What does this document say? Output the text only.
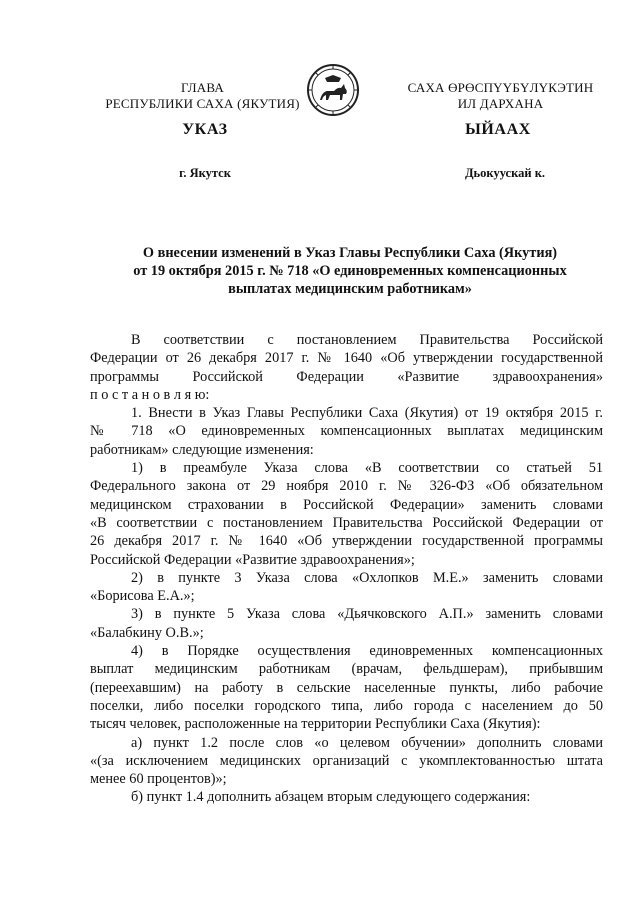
ГЛАВА
РЕСПУБЛИКИ САХА (ЯКУТИЯ)
САХА ӨРӨСПҮҮБҮЛҮКЭТИН
ИЛ ДАРХАНА
УКАЗ	ЫЙААХ
г. Якутск	Дьокуускай к.
О внесении изменений в Указ Главы Республики Саха (Якутия)
от 19 октября 2015 г. № 718 «О единовременных компенсационных
выплатах медицинским работникам»
В соответствии с постановлением Правительства Российской
Федерации от 26 декабря 2017 г. № 1640 «Об утверждении государственной
программы Российской Федерации «Развитие здравоохранения»
п о с т а н о в л я ю:
1. Внести в Указ Главы Республики Саха (Якутия) от 19 октября 2015 г.
№ 718 «О единовременных компенсационных выплатах медицинским
работникам» следующие изменения:
1) в преамбуле Указа слова «В соответствии со статьей 51
Федерального закона от 29 ноября 2010 г. № 326-ФЗ «Об обязательном
медицинском страховании в Российской Федерации» заменить словами
«В соответствии с постановлением Правительства Российской Федерации от
26 декабря 2017 г. № 1640 «Об утверждении государственной программы
Российской Федерации «Развитие здравоохранения»;
2) в пункте 3 Указа слова «Охлопков М.Е.» заменить словами
«Борисова Е.А.»;
3) в пункте 5 Указа слова «Дьячковского А.П.» заменить словами
«Балабкину О.В.»;
4) в Порядке осуществления единовременных компенсационных
выплат медицинским работникам (врачам, фельдшерам), прибывшим
(переехавшим) на работу в сельские населенные пункты, либо рабочие
поселки, либо поселки городского типа, либо города с населением до 50
тысяч человек, расположенные на территории Республики Саха (Якутия):
а) пункт 1.2 после слов «о целевом обучении» дополнить словами
«(за исключением медицинских организаций с укомплектованностью штата
менее 60 процентов)»;
б) пункт 1.4 дополнить абзацем вторым следующего содержания:
